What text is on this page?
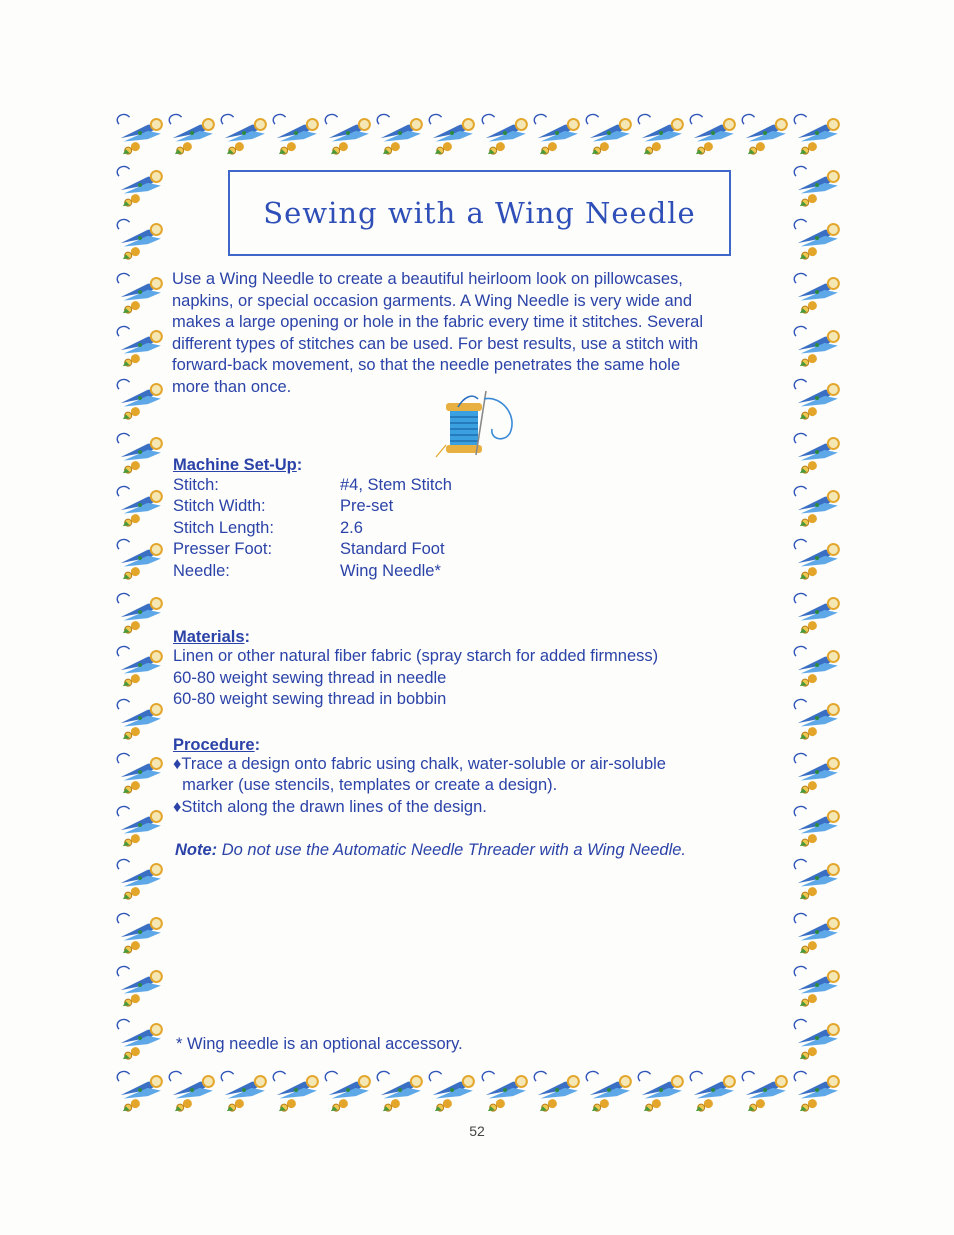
Sewing with a Wing Needle

Use a Wing Needle to create a beautiful heirloom look on pillowcases,

napkins, or special occasion garments. A Wing Needle is very wide and

makes a large opening or hole in the fabric every time it stitches. Several

different types of stitches can be used. For best results, use a stitch with

forward-back movement, so that the needle penetrates the same hole

more than once.

Machine Set-Up:
Stitch:	#4, Stem Stitch
Stitch Width:	Pre-set
Stitch Length:	2.6
Presser Foot:	Standard Foot
Needle:	Wing Needle*
Materials:
Linen or other natural fiber fabric (spray starch for added firmness)
60-80 weight sewing thread in needle
60-80 weight sewing thread in bobbin
Procedure:
♦Trace a design onto fabric using chalk, water-soluble or air-soluble
marker (use stencils, templates or create a design).
♦Stitch along the drawn lines of the design.
Note: Do not use the Automatic Needle Threader with a Wing Needle.
* Wing needle is an optional accessory.
52
